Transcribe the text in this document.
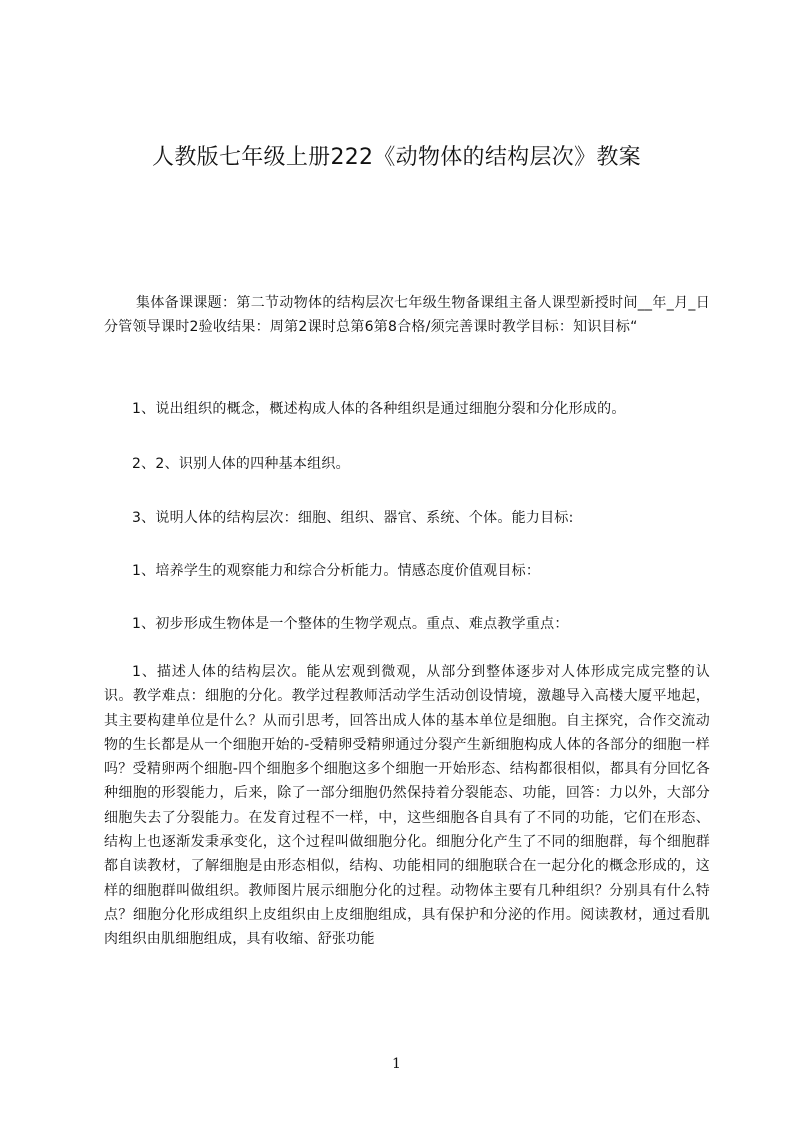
人教版七年级上册222《动物体的结构层次》教案

集体备课课题：第二节动物体的结构层次七年级生物备课组主备人课型新授时间__年_月_日分管领导课时2验收结果：周第2课时总第6第8合格/须完善课时教学目标：知识目标“

1、说出组织的概念，概述构成人体的各种组织是通过细胞分裂和分化形成的。

2、2、识别人体的四种基本组织。

3、说明人体的结构层次：细胞、组织、器官、系统、个体。能力目标:

1、培养学生的观察能力和综合分析能力。情感态度价值观目标：

1、初步形成生物体是一个整体的生物学观点。重点、难点教学重点：

1、描述人体的结构层次。能从宏观到微观，从部分到整体逐步对人体形成完成完整的认识。教学难点：细胞的分化。教学过程教师活动学生活动创设情境，激趣导入高楼大厦平地起，其主要构建单位是什么？从而引思考，回答出成人体的基本单位是细胞。自主探究，合作交流动物的生长都是从一个细胞开始的-受精卵受精卵通过分裂产生新细胞构成人体的各部分的细胞一样吗？受精卵两个细胞-四个细胞多个细胞这多个细胞一开始形态、结构都很相似，都具有分回忆各种细胞的形裂能力，后来，除了一部分细胞仍然保持着分裂能态、功能，回答：力以外，大部分细胞失去了分裂能力。在发育过程不一样，中，这些细胞各自具有了不同的功能，它们在形态、结构上也逐渐发秉承变化，这个过程叫做细胞分化。细胞分化产生了不同的细胞群，每个细胞群都自读教材，了解细胞是由形态相似，结构、功能相同的细胞联合在一起分化的概念形成的，这样的细胞群叫做组织。教师图片展示细胞分化的过程。动物体主要有几种组织？分别具有什么特点？细胞分化形成组织上皮组织由上皮细胞组成，具有保护和分泌的作用。阅读教材，通过看肌肉组织由肌细胞组成，具有收缩、舒张功能

1
